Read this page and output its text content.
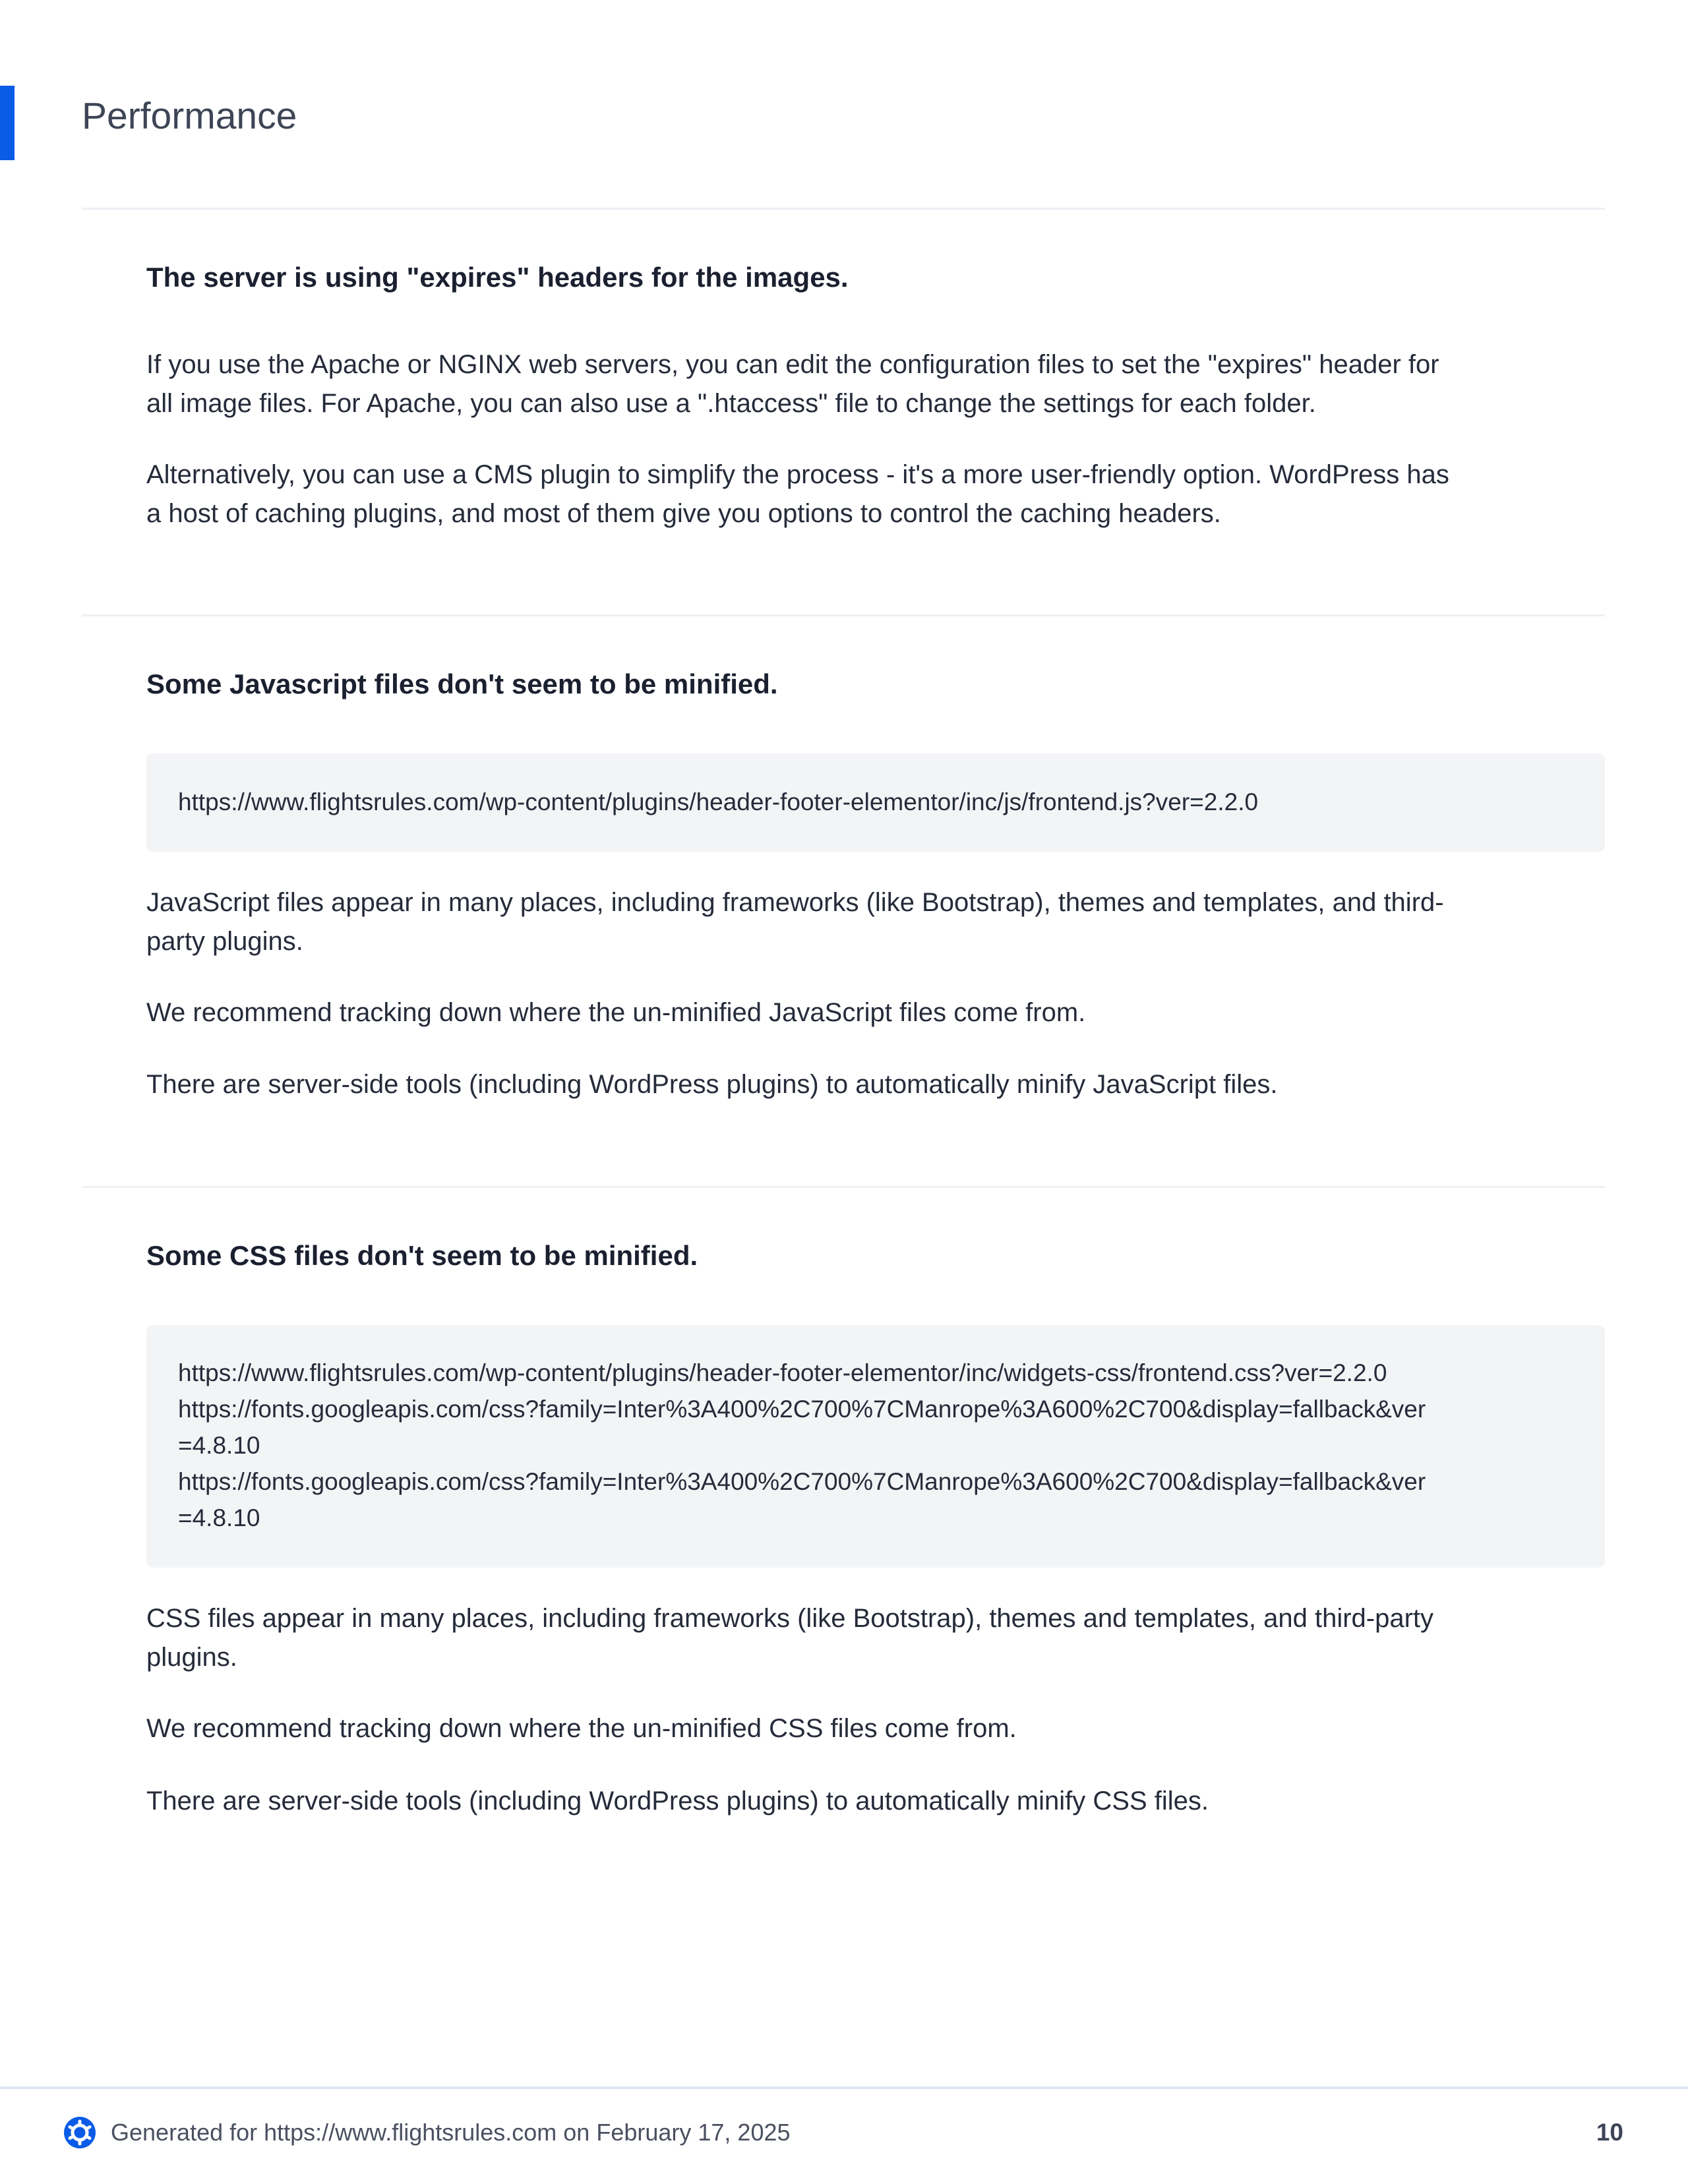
Performance
The server is using "expires" headers for the images.
If you use the Apache or NGINX web servers, you can edit the configuration files to set the "expires" header for
all image files. For Apache, you can also use a ".htaccess" file to change the settings for each folder.
Alternatively, you can use a CMS plugin to simplify the process - it's a more user-friendly option. WordPress has
a host of caching plugins, and most of them give you options to control the caching headers.
Some Javascript files don't seem to be minified.
https://www.flightsrules.com/wp-content/plugins/header-footer-elementor/inc/js/frontend.js?ver=2.2.0
JavaScript files appear in many places, including frameworks (like Bootstrap), themes and templates, and third-
party plugins.
We recommend tracking down where the un-minified JavaScript files come from.
There are server-side tools (including WordPress plugins) to automatically minify JavaScript files.
Some CSS files don't seem to be minified.
https://www.flightsrules.com/wp-content/plugins/header-footer-elementor/inc/widgets-css/frontend.css?ver=2.2.0
https://fonts.googleapis.com/css?family=Inter%3A400%2C700%7CManrope%3A600%2C700&display=fallback&ver
=4.8.10
https://fonts.googleapis.com/css?family=Inter%3A400%2C700%7CManrope%3A600%2C700&display=fallback&ver
=4.8.10
CSS files appear in many places, including frameworks (like Bootstrap), themes and templates, and third-party
plugins.
We recommend tracking down where the un-minified CSS files come from.
There are server-side tools (including WordPress plugins) to automatically minify CSS files.
Generated for https://www.flightsrules.com on February 17, 2025	10
